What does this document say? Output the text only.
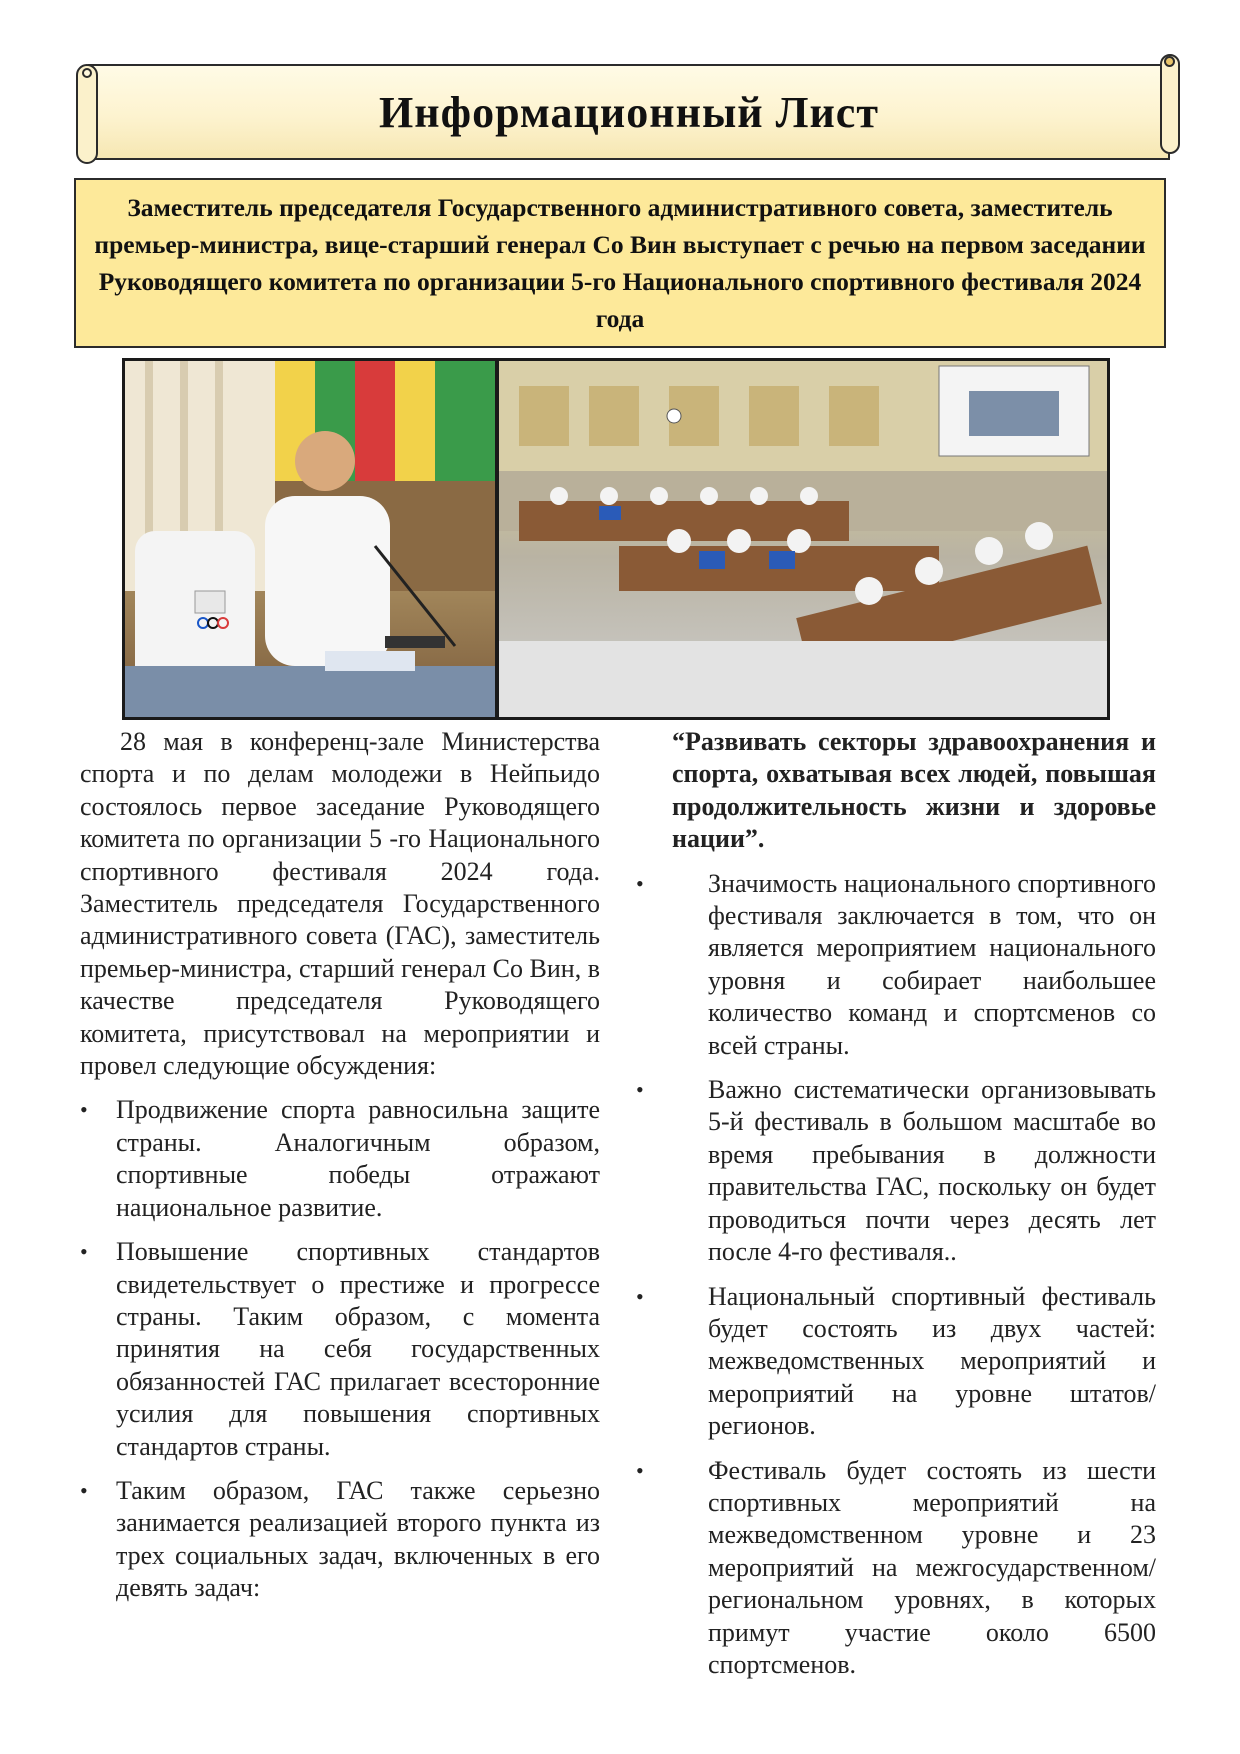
Информационный Лист
Заместитель председателя Государственного административного совета, заместитель премьер-министра, вице-старший генерал Со Вин выступает с речью на первом заседании Руководящего комитета по организации 5-го Национального спортивного фестиваля 2024 года

28 мая в конференц-зале Министерства спорта и по делам молодежи в Нейпьидо состоялось первое заседание Руководящего комитета по организации 5 -го Национального спортивного фестиваля 2024 года. Заместитель председателя Государственного административного совета (ГАС), заместитель премьер-министра, старший генерал Со Вин, в качестве председателя Руководящего комитета, присутствовал на мероприятии и провел следующие обсуждения:

• Продвижение спорта равносильна защите страны. Аналогичным образом, спортивные победы отражают национальное развитие.
• Повышение спортивных стандартов свидетельствует о престиже и прогрессе страны. Таким образом, с момента принятия на себя государственных обязанностей ГАС прилагает всесторонние усилия для повышения спортивных стандартов страны.
• Таким образом, ГАС также серьезно занимается реализацией второго пункта из трех социальных задач, включенных в его девять задач:

“Развивать секторы здравоохранения и спорта, охватывая всех людей, повышая продолжительность жизни и здоровье нации”.

• Значимость национального спортивного фестиваля заключается в том, что он является мероприятием национального уровня и собирает наибольшее количество команд и спортсменов со всей страны.
• Важно систематически организовывать 5-й фестиваль в большом масштабе во время пребывания в должности правительства ГАС, поскольку он будет проводиться почти через десять лет после 4-го фестиваля..
• Национальный спортивный фестиваль будет состоять из двух частей: межведомственных мероприятий и мероприятий на уровне штатов/регионов.
• Фестиваль будет состоять из шести спортивных мероприятий на межведомственном уровне и 23 мероприятий на межгосударственном/ региональном уровнях, в которых примут участие около 6500 спортсменов.
